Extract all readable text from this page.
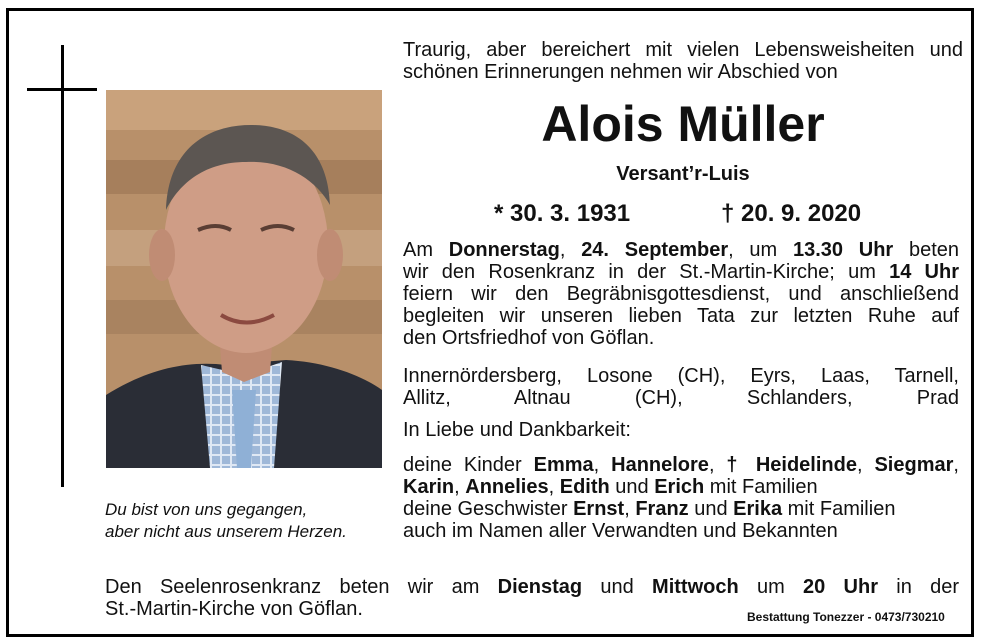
Du bist von uns gegangen,
aber nicht aus unserem Herzen.
Traurig, aber bereichert mit vielen Lebensweisheiten und
schönen Erinnerungen nehmen wir Abschied von
Alois Müller
Versant’r-Luis
* 30. 3. 1931	† 20. 9. 2020
Am Donnerstag, 24. September, um 13.30 Uhr beten
wir den Rosenkranz in der St.-Martin-Kirche; um 14 Uhr
feiern wir den Begräbnisgottesdienst, und anschließend
begleiten wir unseren lieben Tata zur letzten Ruhe auf
den Ortsfriedhof von Göflan.
Innernördersberg, Losone (CH), Eyrs, Laas, Tarnell,
Allitz, Altnau (CH), Schlanders, Prad
In Liebe und Dankbarkeit:
deine Kinder Emma, Hannelore, † Heidelinde, Siegmar,
Karin, Annelies, Edith und Erich mit Familien
deine Geschwister Ernst, Franz und Erika mit Familien
auch im Namen aller Verwandten und Bekannten
Den Seelenrosenkranz beten wir am Dienstag und Mittwoch um 20 Uhr in der
St.-Martin-Kirche von Göflan.	Bestattung Tonezzer - 0473/730210
